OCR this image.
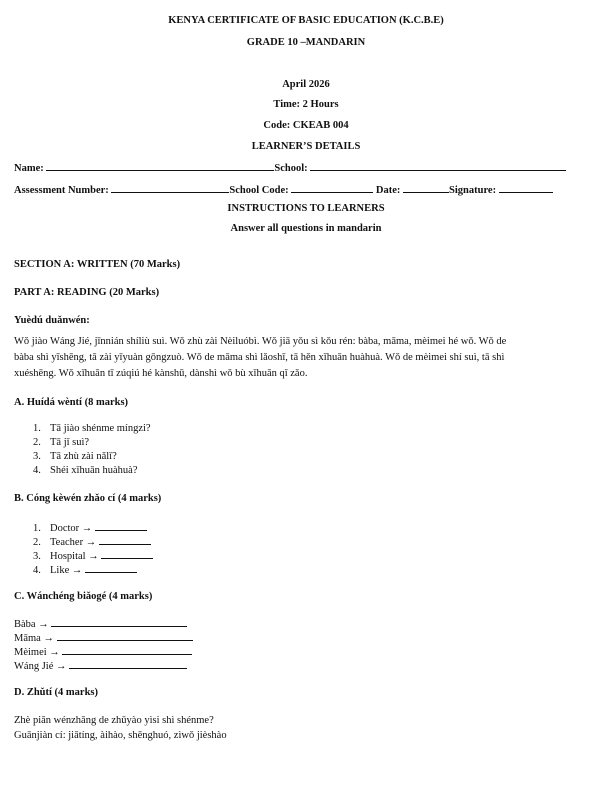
KENYA CERTIFICATE OF BASIC EDUCATION (K.C.B.E)
GRADE 10 –MANDARIN
April 2026
Time: 2 Hours
Code: CKEAB 004
LEARNER’S DETAILS
Name:	School:
Assessment Number:	School Code:	Date:	Signature:
INSTRUCTIONS TO LEARNERS
Answer all questions in mandarin
SECTION A: WRITTEN (70 Marks)
PART A: READING (20 Marks)
Yuèdú duǎnwén:
Wǒ jiào Wáng Jié, jīnnián shíliù suì. Wǒ zhù zài Nèiluóbì. Wǒ jiā yǒu sì kǒu rén: bàba, māma, mèimei hé wǒ. Wǒ de
bàba shì yīshēng, tā zài yīyuàn gōngzuò. Wǒ de māma shì lǎoshī, tā hěn xǐhuān huàhuà. Wǒ de mèimei shí suì, tā shì
xuéshēng. Wǒ xǐhuān tī zúqiú hé kànshū, dànshì wǒ bù xǐhuān qǐ zǎo.
A. Huídá wèntí (8 marks)
1. Tā jiào shénme míngzi?
2. Tā jǐ suì?
3. Tā zhù zài nǎlǐ?
4. Shéi xǐhuān huàhuà?
B. Cóng kèwén zhǎo cí (4 marks)
1. Doctor →
2. Teacher →
3. Hospital →
4. Like →
C. Wánchéng biǎogé (4 marks)
Bàba →
Māma →
Mèimei →
Wáng Jié →
D. Zhǔtí (4 marks)
Zhè piān wénzhāng de zhǔyào yìsi shì shénme?
Guānjiàn cí: jiātíng, àihào, shēnghuó, zìwǒ jièshào
